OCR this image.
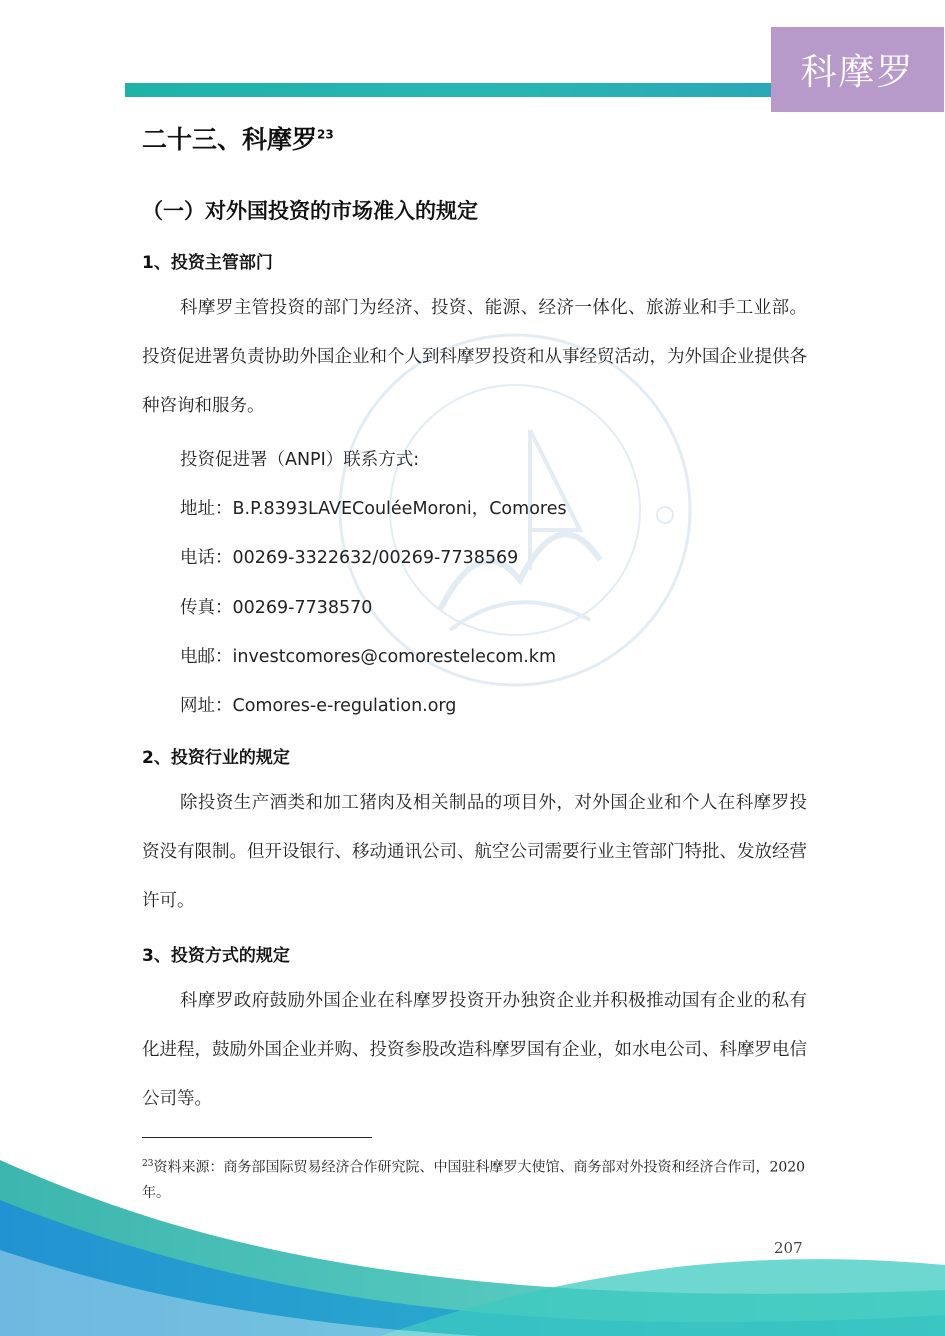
科摩罗
二十三、科摩罗$^{23}$
（一）对外国投资的市场准入的规定
1、投资主管部门
科摩罗主管投资的部门为经济、投资、能源、经济一体化、旅游业和手工业部。投资促进署负责协助外国企业和个人到科摩罗投资和从事经贸活动，为外国企业提供各种咨询和服务。
投资促进署（ANPI）联系方式:
地址：B.P.8393LAVECouléeMoroni，Comores
电话：00269-3322632/00269-7738569
传真：00269-7738570
电邮：investcomores@comorestelecom.km
网址：Comores-e-regulation.org
2、投资行业的规定
除投资生产酒类和加工猪肉及相关制品的项目外，对外国企业和个人在科摩罗投资没有限制。但开设银行、移动通讯公司、航空公司需要行业主管部门特批、发放经营许可。
3、投资方式的规定
科摩罗政府鼓励外国企业在科摩罗投资开办独资企业并积极推动国有企业的私有化进程，鼓励外国企业并购、投资参股改造科摩罗国有企业，如水电公司、科摩罗电信公司等。
$^{23}$资料来源：商务部国际贸易经济合作研究院、中国驻科摩罗大使馆、商务部对外投资和经济合作司，2020 年。
207
